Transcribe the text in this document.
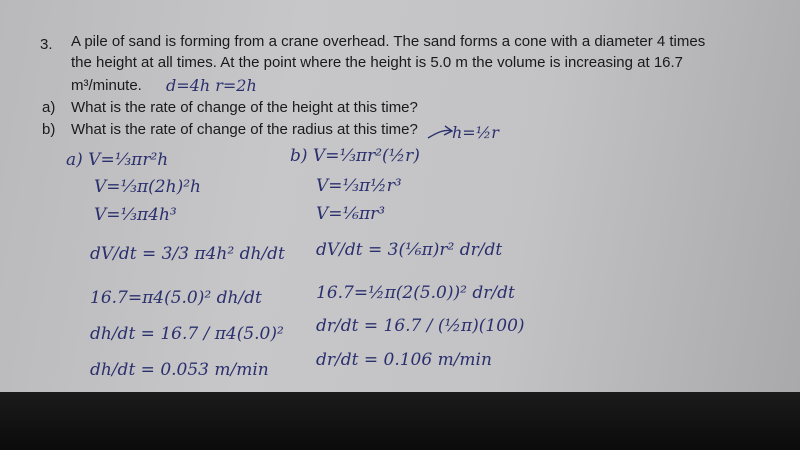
3. A pile of sand is forming from a crane overhead. The sand forms a cone with a diameter 4 times
the height at all times. At the point where the height is 5.0 m the volume is increasing at 16.7
m³/minute.
a) What is the rate of change of the height at this time?
b) What is the rate of change of the radius at this time?
d=4h r=2h
h=½r
a) V=⅓πr²h
V=⅓π(2h)²h
V=⅓π4h³
dV/dt = 3/3 π4h² dh/dt
16.7=π4(5.0)² dh/dt
dh/dt = 16.7 / π4(5.0)²
dh/dt = 0.053 m/min
b) V=⅓πr²(½r)
V=⅓π½r³
V=⅙πr³
dV/dt = 3(⅙π)r² dr/dt
16.7=½π(2(5.0))² dr/dt
dr/dt = 16.7 / (½π)(100)
dr/dt = 0.106 m/min
